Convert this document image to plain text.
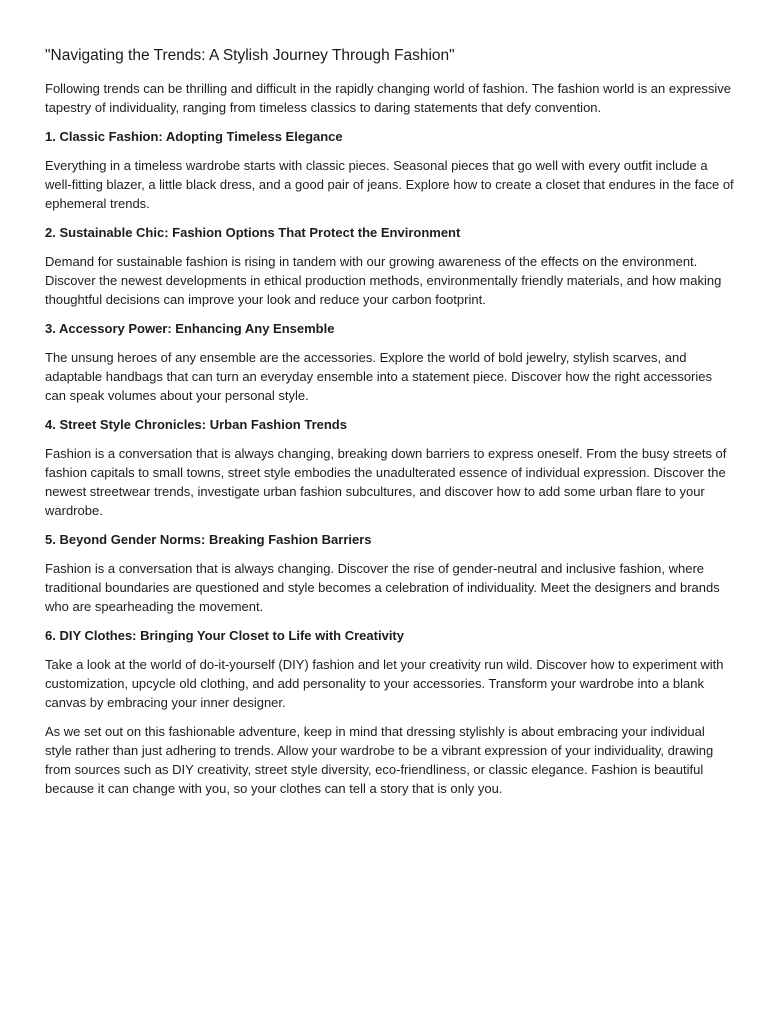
"Navigating the Trends: A Stylish Journey Through Fashion"

Following trends can be thrilling and difficult in the rapidly changing world of fashion. The fashion world is an expressive tapestry of individuality, ranging from timeless classics to daring statements that defy convention.

1. Classic Fashion: Adopting Timeless Elegance

Everything in a timeless wardrobe starts with classic pieces. Seasonal pieces that go well with every outfit include a well-fitting blazer, a little black dress, and a good pair of jeans. Explore how to create a closet that endures in the face of ephemeral trends.

2. Sustainable Chic: Fashion Options That Protect the Environment

Demand for sustainable fashion is rising in tandem with our growing awareness of the effects on the environment. Discover the newest developments in ethical production methods, environmentally friendly materials, and how making thoughtful decisions can improve your look and reduce your carbon footprint.

3. Accessory Power: Enhancing Any Ensemble

The unsung heroes of any ensemble are the accessories. Explore the world of bold jewelry, stylish scarves, and adaptable handbags that can turn an everyday ensemble into a statement piece. Discover how the right accessories can speak volumes about your personal style.

4. Street Style Chronicles: Urban Fashion Trends

Fashion is a conversation that is always changing, breaking down barriers to express oneself. From the busy streets of fashion capitals to small towns, street style embodies the unadulterated essence of individual expression. Discover the newest streetwear trends, investigate urban fashion subcultures, and discover how to add some urban flare to your wardrobe.

5. Beyond Gender Norms: Breaking Fashion Barriers

Fashion is a conversation that is always changing. Discover the rise of gender-neutral and inclusive fashion, where traditional boundaries are questioned and style becomes a celebration of individuality. Meet the designers and brands who are spearheading the movement.

6. DIY Clothes: Bringing Your Closet to Life with Creativity

Take a look at the world of do-it-yourself (DIY) fashion and let your creativity run wild. Discover how to experiment with customization, upcycle old clothing, and add personality to your accessories. Transform your wardrobe into a blank canvas by embracing your inner designer.

As we set out on this fashionable adventure, keep in mind that dressing stylishly is about embracing your individual style rather than just adhering to trends. Allow your wardrobe to be a vibrant expression of your individuality, drawing from sources such as DIY creativity, street style diversity, eco-friendliness, or classic elegance. Fashion is beautiful because it can change with you, so your clothes can tell a story that is only you.
